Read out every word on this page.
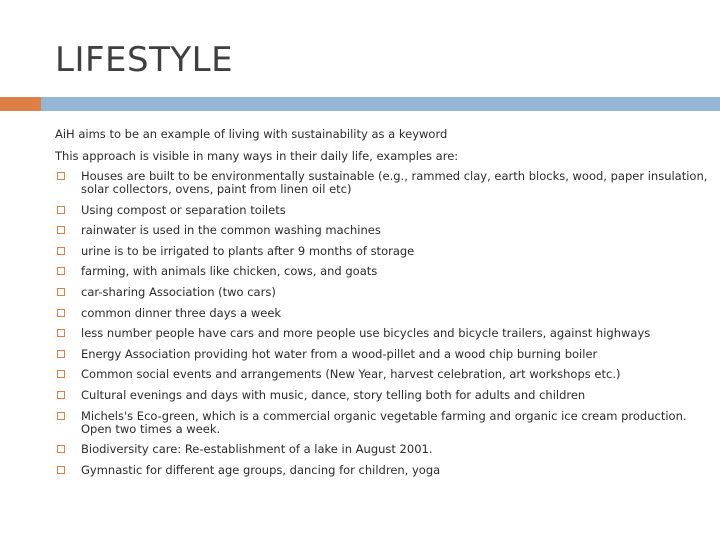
LIFESTYLE

AiH aims to be an example of living with sustainability as a keyword

This approach is visible in many ways in their daily life, examples are:

Houses are built to be environmentally sustainable (e.g., rammed clay, earth blocks, wood, paper insulation, solar collectors, ovens, paint from linen oil etc)
Using compost or separation toilets
rainwater is used in the common washing machines
urine is to be irrigated to plants after 9 months of storage
farming, with animals like chicken, cows, and goats
car-sharing Association (two cars)
common dinner three days a week
less number people have cars and more people use bicycles and bicycle trailers, against highways
Energy Association providing hot water from a wood-pillet and a wood chip burning boiler
Common social events and arrangements (New Year, harvest celebration, art workshops etc.)
Cultural evenings and days with music, dance, story telling both for adults and children
Michels's Eco-green, which is a commercial organic vegetable farming and organic ice cream production. Open two times a week.
Biodiversity care: Re-establishment of a lake in August 2001.
Gymnastic for different age groups, dancing for children, yoga
